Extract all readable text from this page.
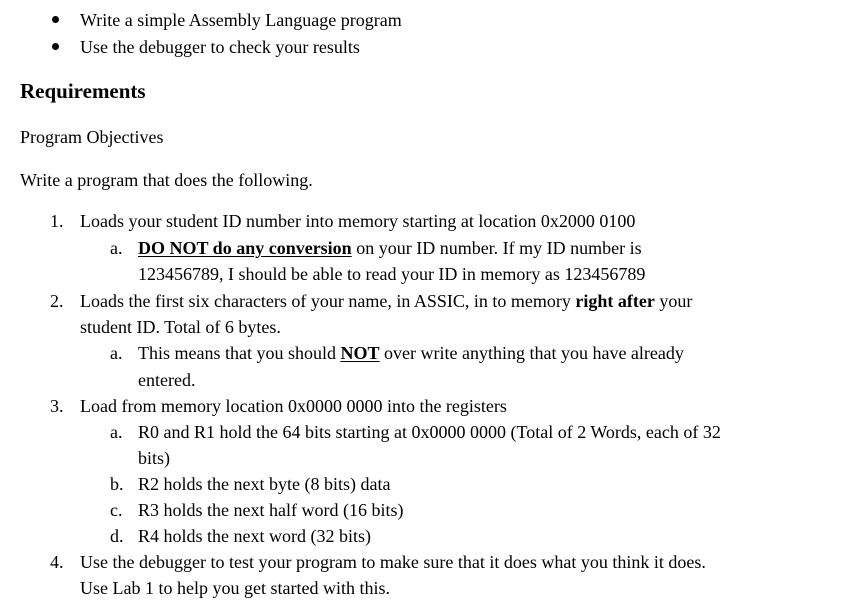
Write a simple Assembly Language program
Use the debugger to check your results
Requirements
Program Objectives
Write a program that does the following.
1. Loads your student ID number into memory starting at location 0x2000 0100
a. DO NOT do any conversion on your ID number. If my ID number is
123456789, I should be able to read your ID in memory as 123456789
2. Loads the first six characters of your name, in ASSIC, in to memory right after your
student ID. Total of 6 bytes.
a. This means that you should NOT over write anything that you have already
entered.
3. Load from memory location 0x0000 0000 into the registers
a. R0 and R1 hold the 64 bits starting at 0x0000 0000 (Total of 2 Words, each of 32
bits)
b. R2 holds the next byte (8 bits) data
c. R3 holds the next half word (16 bits)
d. R4 holds the next word (32 bits)
4. Use the debugger to test your program to make sure that it does what you think it does.
Use Lab 1 to help you get started with this.
